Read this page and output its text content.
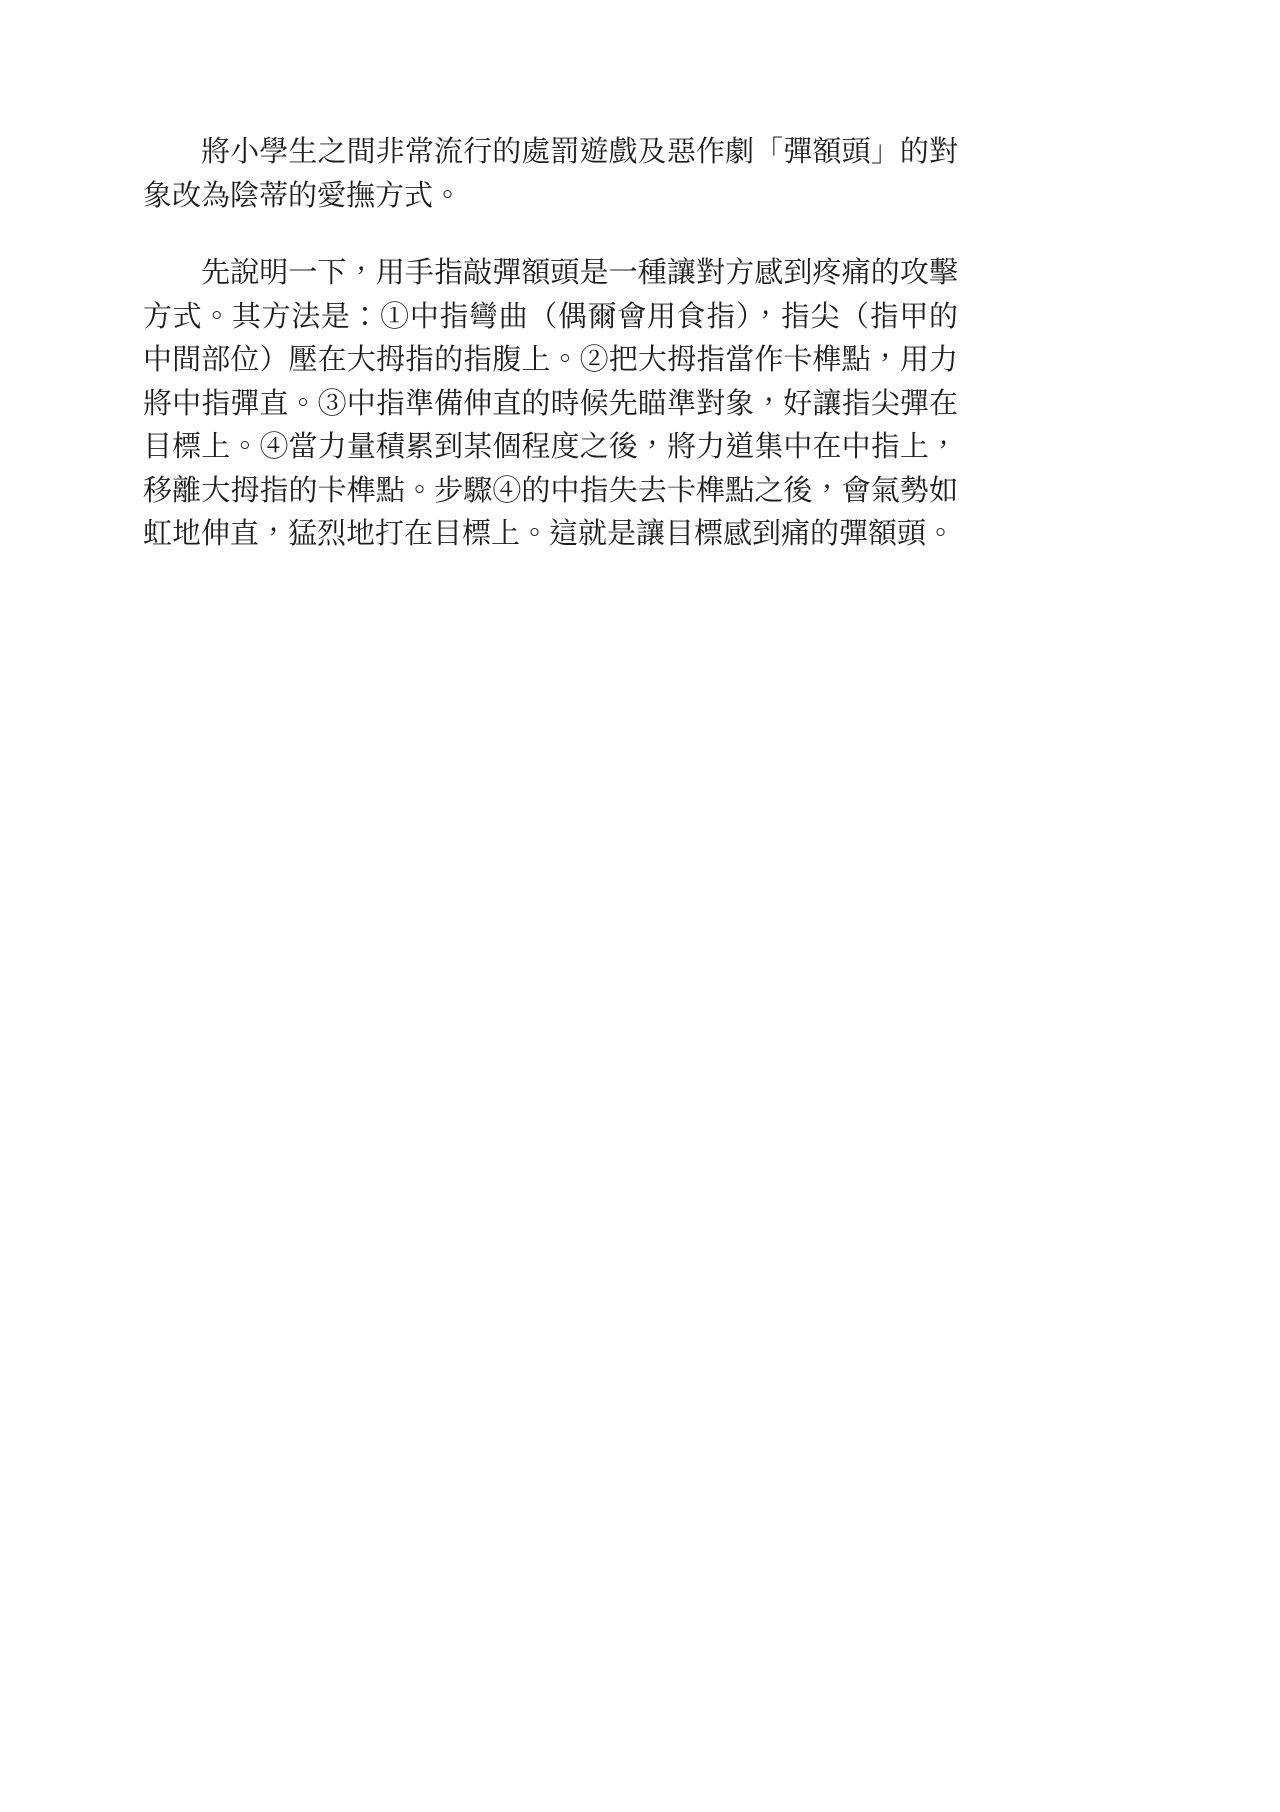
將小學生之間非常流行的處罰遊戲及惡作劇「彈額頭」的對象改為陰蒂的愛撫方式。

先說明一下，用手指敲彈額頭是一種讓對方感到疼痛的攻擊方式。其方法是：①中指彎曲（偶爾會用食指），指尖（指甲的中間部位）壓在大拇指的指腹上。②把大拇指當作卡榫點，用力將中指彈直。③中指準備伸直的時候先瞄準對象，好讓指尖彈在目標上。④當力量積累到某個程度之後，將力道集中在中指上，移離大拇指的卡榫點。步驟④的中指失去卡榫點之後，會氣勢如虹地伸直，猛烈地打在目標上。這就是讓目標感到痛的彈額頭。
